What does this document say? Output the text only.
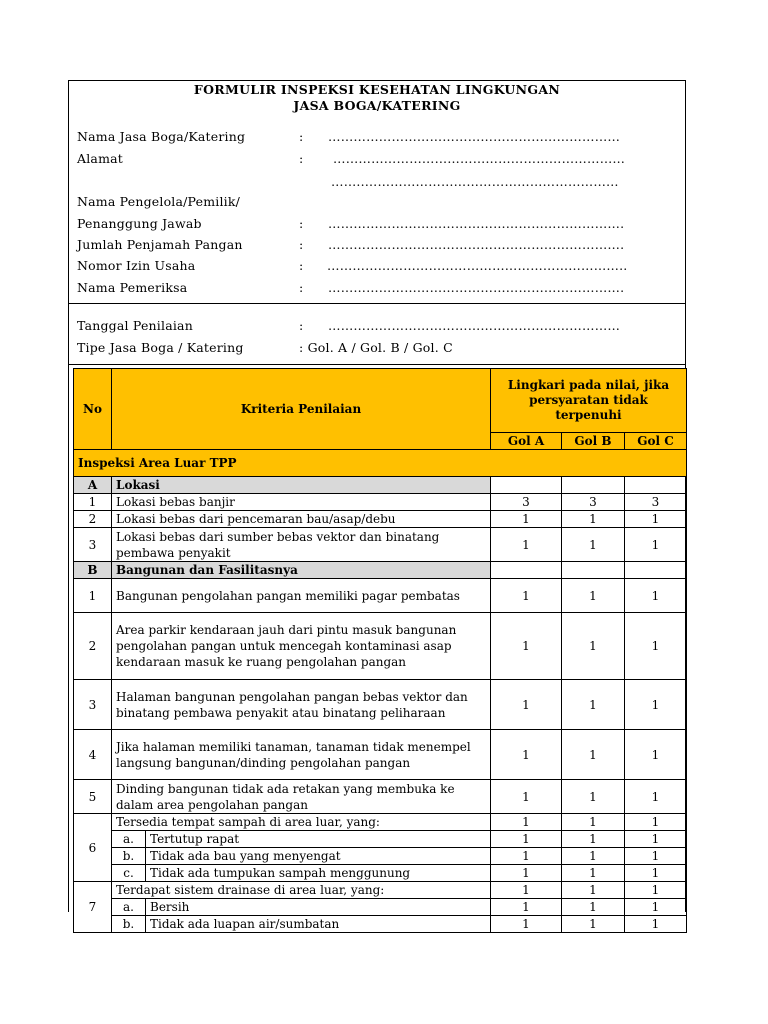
FORMULIR INSPEKSI KESEHATAN LINGKUNGAN
JASA BOGA/KATERING
Nama Jasa Boga/Katering	: ……………………………………………………………
Alamat	: ……………………………………………………………
……..……………………………………………………
Nama Pengelola/Pemilik/
Penanggung Jawab	: …………………………………………………………….
Jumlah Penjamah Pangan	: …………………………………………………………….
Nomor Izin Usaha	: ……………………………………………………………..
Nama Pemeriksa	: …………………………………………………………….
Tanggal Penilaian	: ……………………………………………………………
Tipe Jasa Boga / Katering	: Gol. A / Gol. B / Gol. C
No	Kriteria Penilaian		Lingkari pada nilai, jika persyaratan tidak terpenuhi		
			Gol A	Gol B	Gol C
Inspeksi Area Luar TPP					
A	Lokasi				
1	Lokasi bebas banjir		3	3	3
2	Lokasi bebas dari pencemaran bau/asap/debu		1	1	1
3	Lokasi bebas dari sumber bebas vektor dan binatang pembawa penyakit		1	1	1
B	Bangunan dan Fasilitasnya				
1	Bangunan pengolahan pangan memiliki pagar pembatas		1	1	1
2	Area parkir kendaraan jauh dari pintu masuk bangunan pengolahan pangan untuk mencegah kontaminasi asap kendaraan masuk ke ruang pengolahan pangan		1	1	1
3	Halaman bangunan pengolahan pangan bebas vektor dan binatang pembawa penyakit atau binatang peliharaan		1	1	1
4	Jika halaman memiliki tanaman, tanaman tidak menempel langsung bangunan/dinding pengolahan pangan		1	1	1
5	Dinding bangunan tidak ada retakan yang membuka ke dalam area pengolahan pangan		1	1	1
6	Tersedia tempat sampah di area luar, yang:		1	1	1
	a.	Tertutup rapat	1	1	1
	b.	Tidak ada bau yang menyengat	1	1	1
	c.	Tidak ada tumpukan sampah menggunung	1	1	1
7	Terdapat sistem drainase di area luar, yang:		1	1	1
	a.	Bersih	1	1	1
	b.	Tidak ada luapan air/sumbatan	1	1	1
